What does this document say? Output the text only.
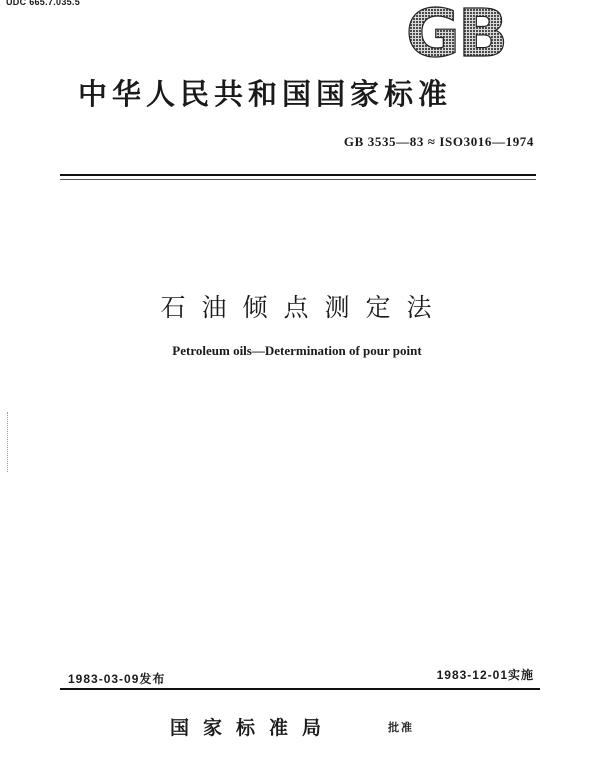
UDC 665.7.035.5	GB
中华人民共和国国家标准
GB 3535—83 ≈ ISO3016—1974
石油倾点测定法
Petroleum oils—Determination of pour point
1983-03-09发布	1983-12-01实施
国家标准局	批准
